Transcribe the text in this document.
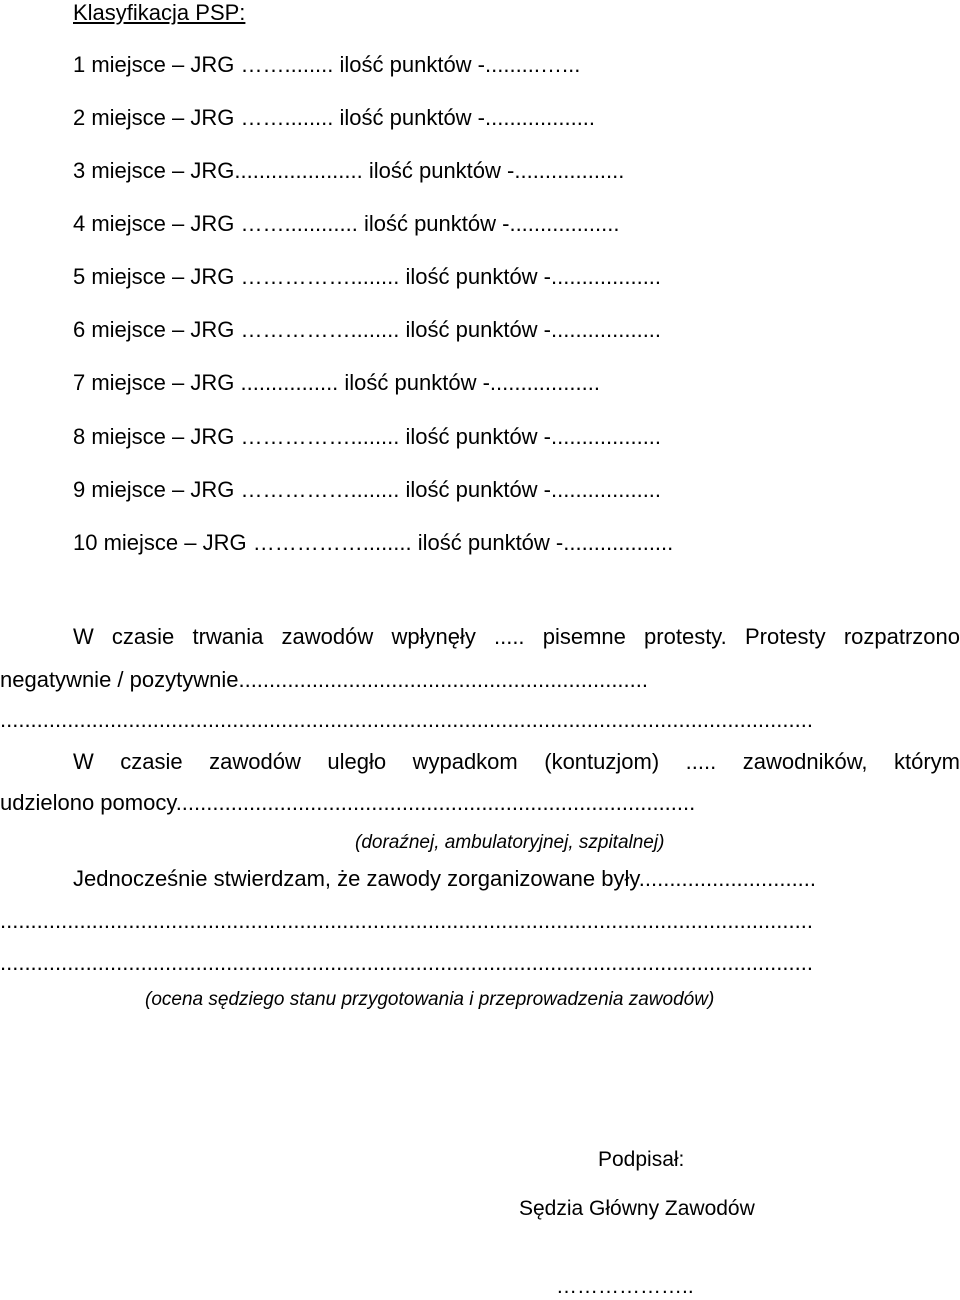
Klasyfikacja PSP:
1 miejsce – JRG ……........ ilość punktów -.........…...
2 miejsce – JRG ……........ ilość punktów -..................
3 miejsce – JRG..................... ilość punktów -..................
4 miejsce – JRG ……............ ilość punktów -..................
5 miejsce – JRG ……………........ ilość punktów -..................
6 miejsce – JRG ……………........ ilość punktów -..................
7 miejsce – JRG ................ ilość punktów -..................
8 miejsce – JRG ……………........ ilość punktów -..................
9 miejsce – JRG ……………........ ilość punktów -..................
10 miejsce – JRG ……………........ ilość punktów -..................
W czasie trwania zawodów wpłynęły ..... pisemne protesty. Protesty rozpatrzono
negatywnie / pozytywnie...................................................................
.....................................................................................................................................
W czasie zawodów uległo wypadkom (kontuzjom) ..... zawodników, którym
udzielono pomocy.....................................................................................
(doraźnej, ambulatoryjnej, szpitalnej)
Jednocześnie stwierdzam, że zawody zorganizowane były.............................
.....................................................................................................................................
.....................................................................................................................................
(ocena sędziego stanu przygotowania i przeprowadzenia zawodów)
Podpisał:
Sędzia Główny Zawodów
………………..
